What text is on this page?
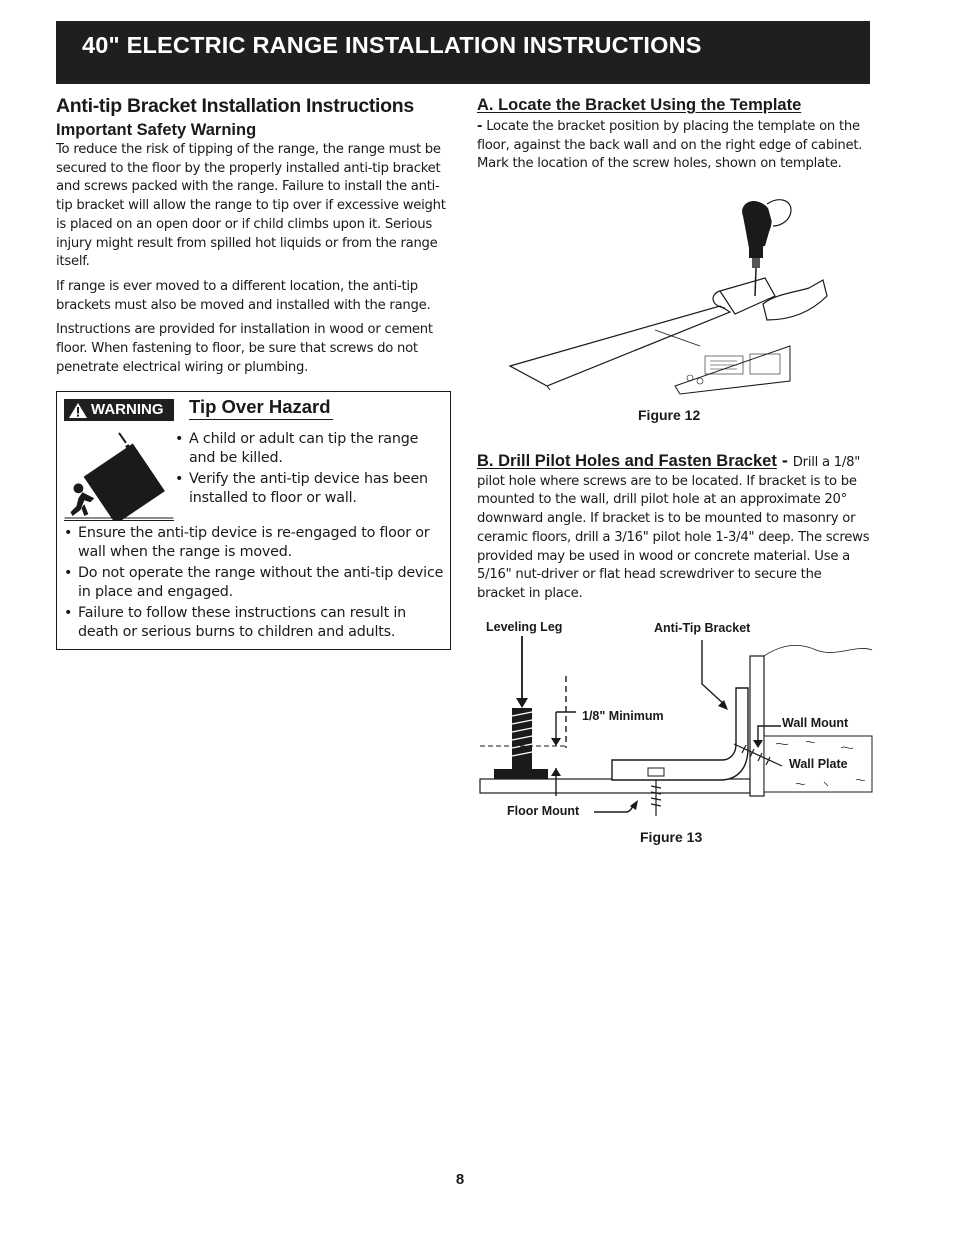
40" ELECTRIC RANGE INSTALLATION INSTRUCTIONS
Anti-tip Bracket Installation Instructions
Important Safety Warning

To reduce the risk of tipping of the range, the range must be secured to the floor by the properly installed anti-tip bracket and screws packed with the range. Failure to install the anti-tip bracket will allow the range to tip over if excessive weight is placed on an open door or if child climbs upon it. Serious injury might result from spilled hot liquids or from the range itself.

If range is ever moved to a different location, the anti-tip brackets must also be moved and installed with the range.

Instructions are provided for installation in wood or cement floor. When fastening to floor, be sure that screws do not penetrate electrical wiring or plumbing.

WARNING	Tip Over Hazard
• A child or adult can tip the range and be killed.
• Verify the anti-tip device has been installed to floor or wall.
• Ensure the anti-tip device is re-engaged to floor or wall when the range is moved.
• Do not operate the range without the anti-tip device in place and engaged.
• Failure to follow these instructions can result in death or serious burns to children and adults.
A. Locate the Bracket Using the Template

- Locate the bracket position by placing the template on the floor, against the back wall and on the right edge of cabinet. Mark the location of the screw holes, shown on template.

Figure 12

B. Drill Pilot Holes and Fasten Bracket - Drill a 1/8" pilot hole where screws are to be located. If bracket is to be mounted to the wall, drill pilot hole at an approximate 20° downward angle. If bracket is to be mounted to masonry or ceramic floors, drill a 3/16" pilot hole 1-3/4" deep. The screws provided may be used in wood or concrete material. Use a 5/16" nut-driver or flat head screwdriver to secure the bracket in place.

Leveling Leg	Anti-Tip Bracket
1/8" Minimum	Wall Mount
Wall Plate
Floor Mount
Figure 13
8
